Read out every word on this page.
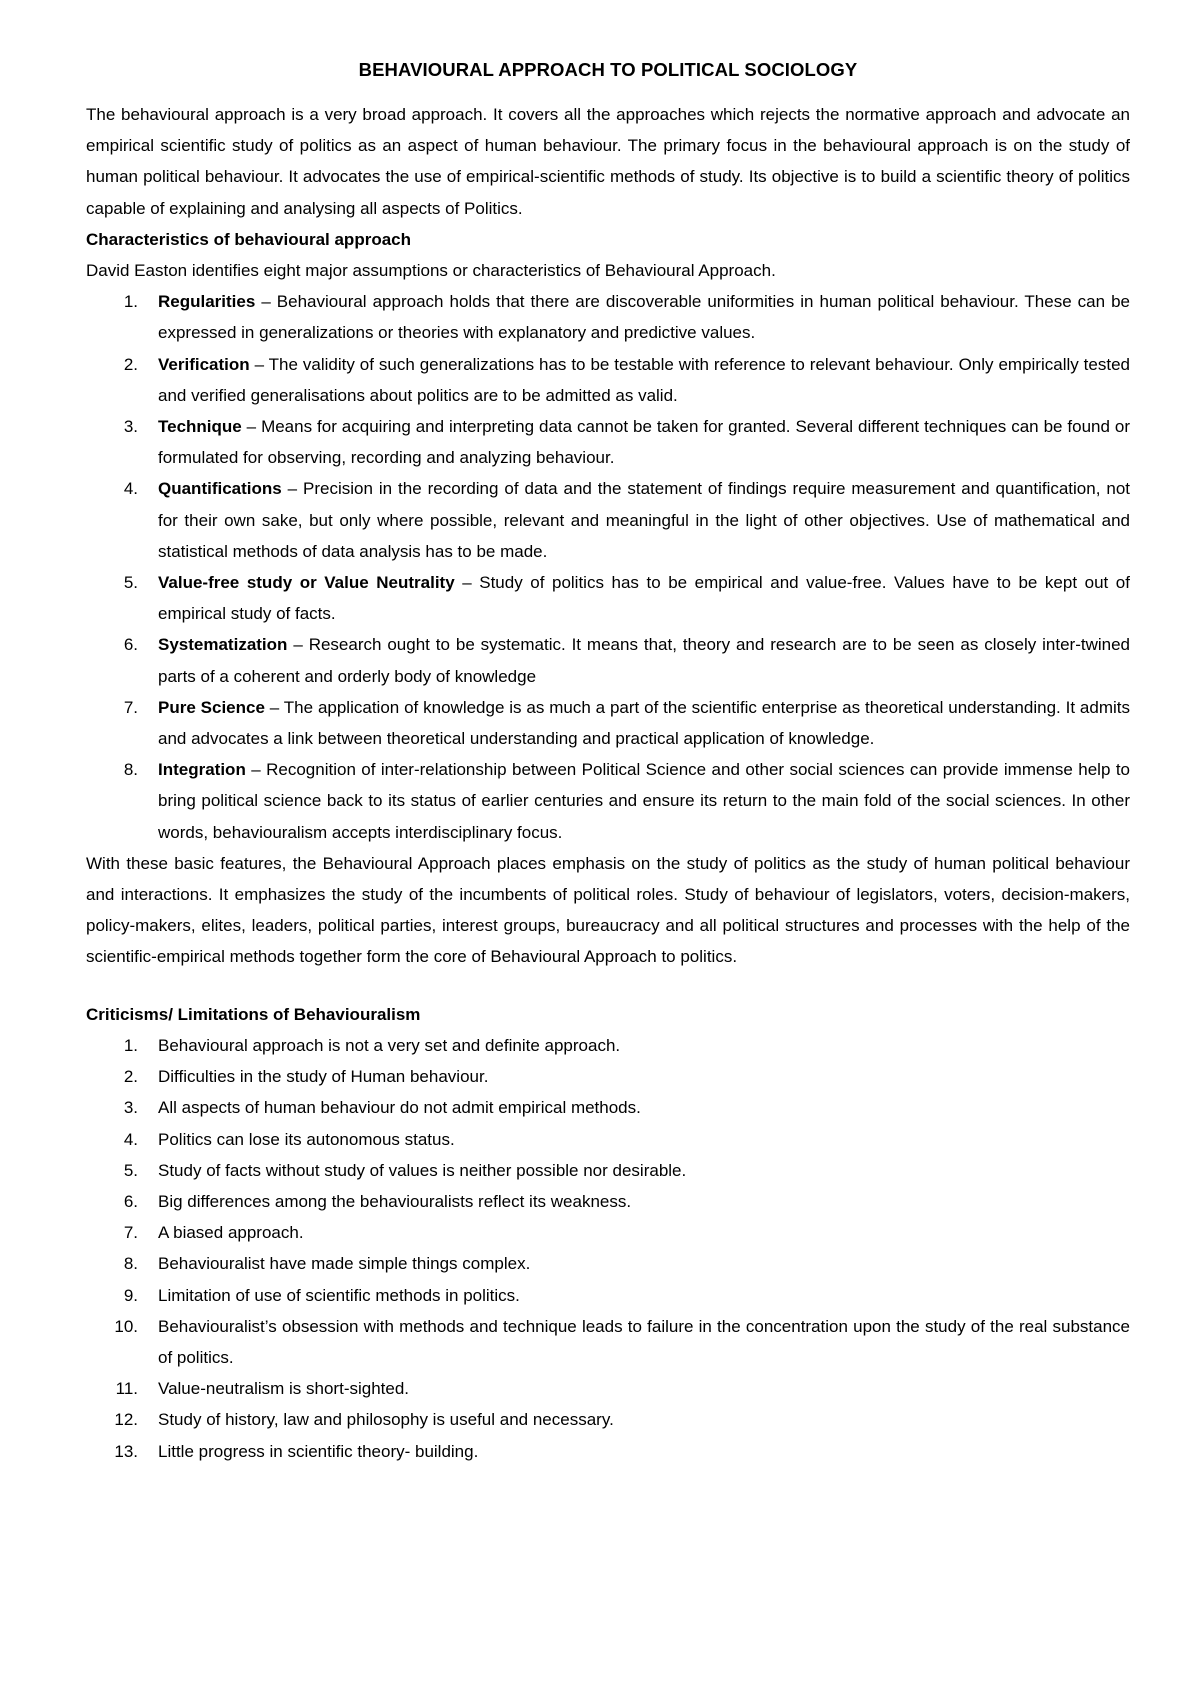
BEHAVIOURAL APPROACH TO POLITICAL SOCIOLOGY

The behavioural approach is a very broad approach. It covers all the approaches which rejects the normative approach and advocate an empirical scientific study of politics as an aspect of human behaviour. The primary focus in the behavioural approach is on the study of human political behaviour. It advocates the use of empirical-scientific methods of study. Its objective is to build a scientific theory of politics capable of explaining and analysing all aspects of Politics.

Characteristics of behavioural approach

David Easton identifies eight major assumptions or characteristics of Behavioural Approach.

1. Regularities – Behavioural approach holds that there are discoverable uniformities in human political behaviour. These can be expressed in generalizations or theories with explanatory and predictive values.
2. Verification – The validity of such generalizations has to be testable with reference to relevant behaviour. Only empirically tested and verified generalisations about politics are to be admitted as valid.
3. Technique – Means for acquiring and interpreting data cannot be taken for granted. Several different techniques can be found or formulated for observing, recording and analyzing behaviour.
4. Quantifications – Precision in the recording of data and the statement of findings require measurement and quantification, not for their own sake, but only where possible, relevant and meaningful in the light of other objectives. Use of mathematical and statistical methods of data analysis has to be made.
5. Value-free study or Value Neutrality – Study of politics has to be empirical and value-free. Values have to be kept out of empirical study of facts.
6. Systematization – Research ought to be systematic. It means that, theory and research are to be seen as closely inter-twined parts of a coherent and orderly body of knowledge
7. Pure Science – The application of knowledge is as much a part of the scientific enterprise as theoretical understanding. It admits and advocates a link between theoretical understanding and practical application of knowledge.
8. Integration – Recognition of inter-relationship between Political Science and other social sciences can provide immense help to bring political science back to its status of earlier centuries and ensure its return to the main fold of the social sciences. In other words, behaviouralism accepts interdisciplinary focus.

With these basic features, the Behavioural Approach places emphasis on the study of politics as the study of human political behaviour and interactions. It emphasizes the study of the incumbents of political roles. Study of behaviour of legislators, voters, decision-makers, policy-makers, elites, leaders, political parties, interest groups, bureaucracy and all political structures and processes with the help of the scientific-empirical methods together form the core of Behavioural Approach to politics.

Criticisms/ Limitations of Behaviouralism

1. Behavioural approach is not a very set and definite approach.
2. Difficulties in the study of Human behaviour.
3. All aspects of human behaviour do not admit empirical methods.
4. Politics can lose its autonomous status.
5. Study of facts without study of values is neither possible nor desirable.
6. Big differences among the behaviouralists reflect its weakness.
7. A biased approach.
8. Behaviouralist have made simple things complex.
9. Limitation of use of scientific methods in politics.
10. Behaviouralist’s obsession with methods and technique leads to failure in the concentration upon the study of the real substance of politics.
11. Value-neutralism is short-sighted.
12. Study of history, law and philosophy is useful and necessary.
13. Little progress in scientific theory- building.
